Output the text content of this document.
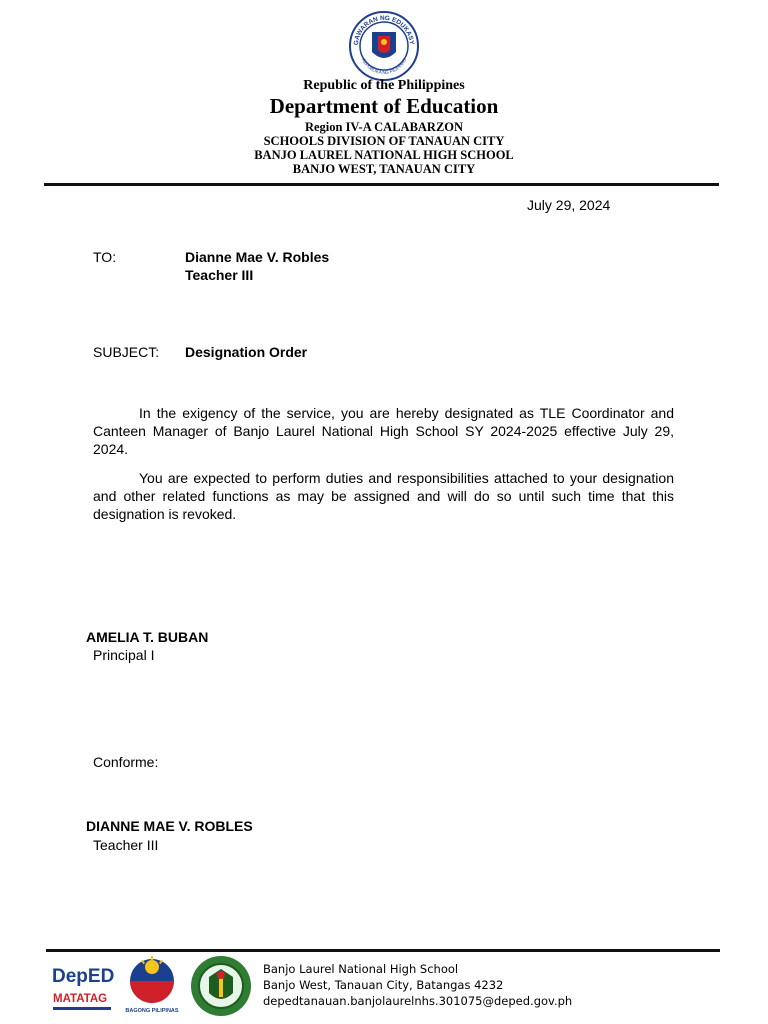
GAWARAN NG EDUKASY
REPUBLIKA NG PILIPINAS
Republic of the Philippines
Department of Education
Region IV-A CALABARZON
SCHOOLS DIVISION OF TANAUAN CITY
BANJO LAUREL NATIONAL HIGH SCHOOL
BANJO WEST, TANAUAN CITY
July 29, 2024
TO:	Dianne Mae V. Robles
Teacher III
SUBJECT: Designation Order

In the exigency of the service, you are hereby designated as TLE Coordinator and Canteen Manager of Banjo Laurel National High School SY 2024-2025 effective July 29, 2024.

You are expected to perform duties and responsibilities attached to your designation and other related functions as may be assigned and will do so until such time that this designation is revoked.

AMELIA T. BUBAN
Principal I
Conforme:
DIANNE MAE V. ROBLES
Teacher III
DepED
MATATAG
BAGONG PILIPINAS
Banjo Laurel National High School
Banjo West, Tanauan City, Batangas 4232
depedtanauan.banjolaurelnhs.301075@deped.gov.ph
